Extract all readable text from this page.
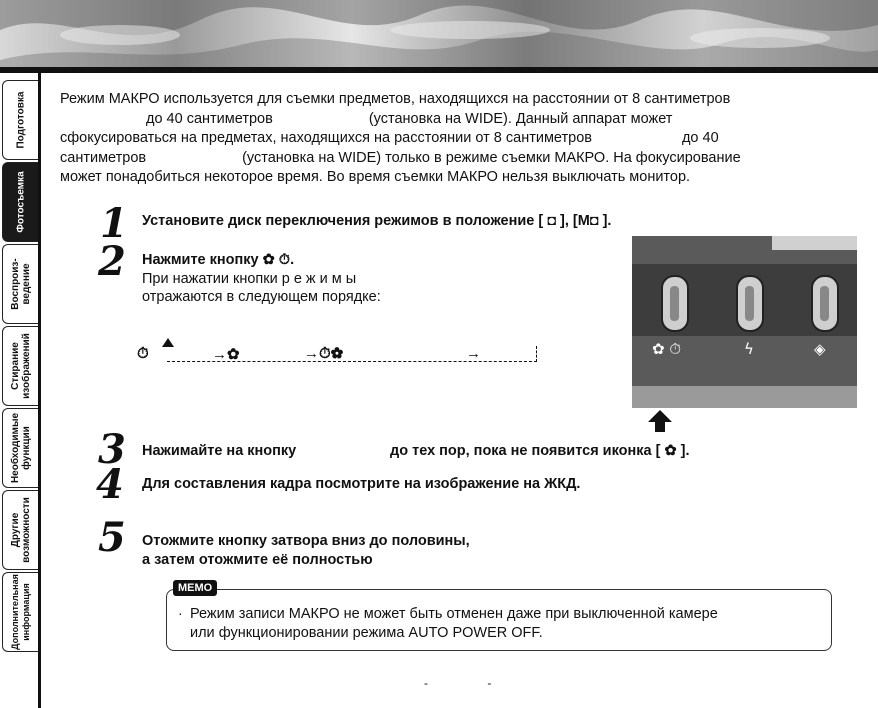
Подготовка
Фотосъемка
Воспроиз-
ведение
Стирание
изображений
Необходимые
функции
Другие
возможности
Дополнительная
информация

Режим МАКРО используется для съемки предметов, находящихся на расстоянии от 8 сантиметров

до 40 сантиметров	(установка на WIDE). Данный аппарат может

сфокусироваться на предметах, находящихся на расстоянии от 8 сантиметров	до 40

сантиметров	(установка на WIDE) только в режиме съемки МАКРО. На фокусирование

может понадобиться некоторое время. Во время съемки МАКРО нельзя выключать монитор.

1 Установите диск переключения режимов в положение [ ◘ ], [М◘ ].
2 Нажмите кнопку ✿ ⏱.
При нажатии кнопки р е ж и м ы
отражаются в следующем порядке:
⏱	→✿	→⏱✿	→	✿ ⏱	ϟ	◈
3 Нажимайте на кнопку	до тех пор, пока не появится иконка [ ✿ ].
4 Для составления кадра посмотрите на изображение на ЖКД.
5 Отожмите кнопку затвора вниз до половины,
а затем отожмите её полностью
МЕМО
· Режим записи МАКРО не может быть отменен даже при выключенной камере
или функционировании режима AUTO POWER OFF.
- -
